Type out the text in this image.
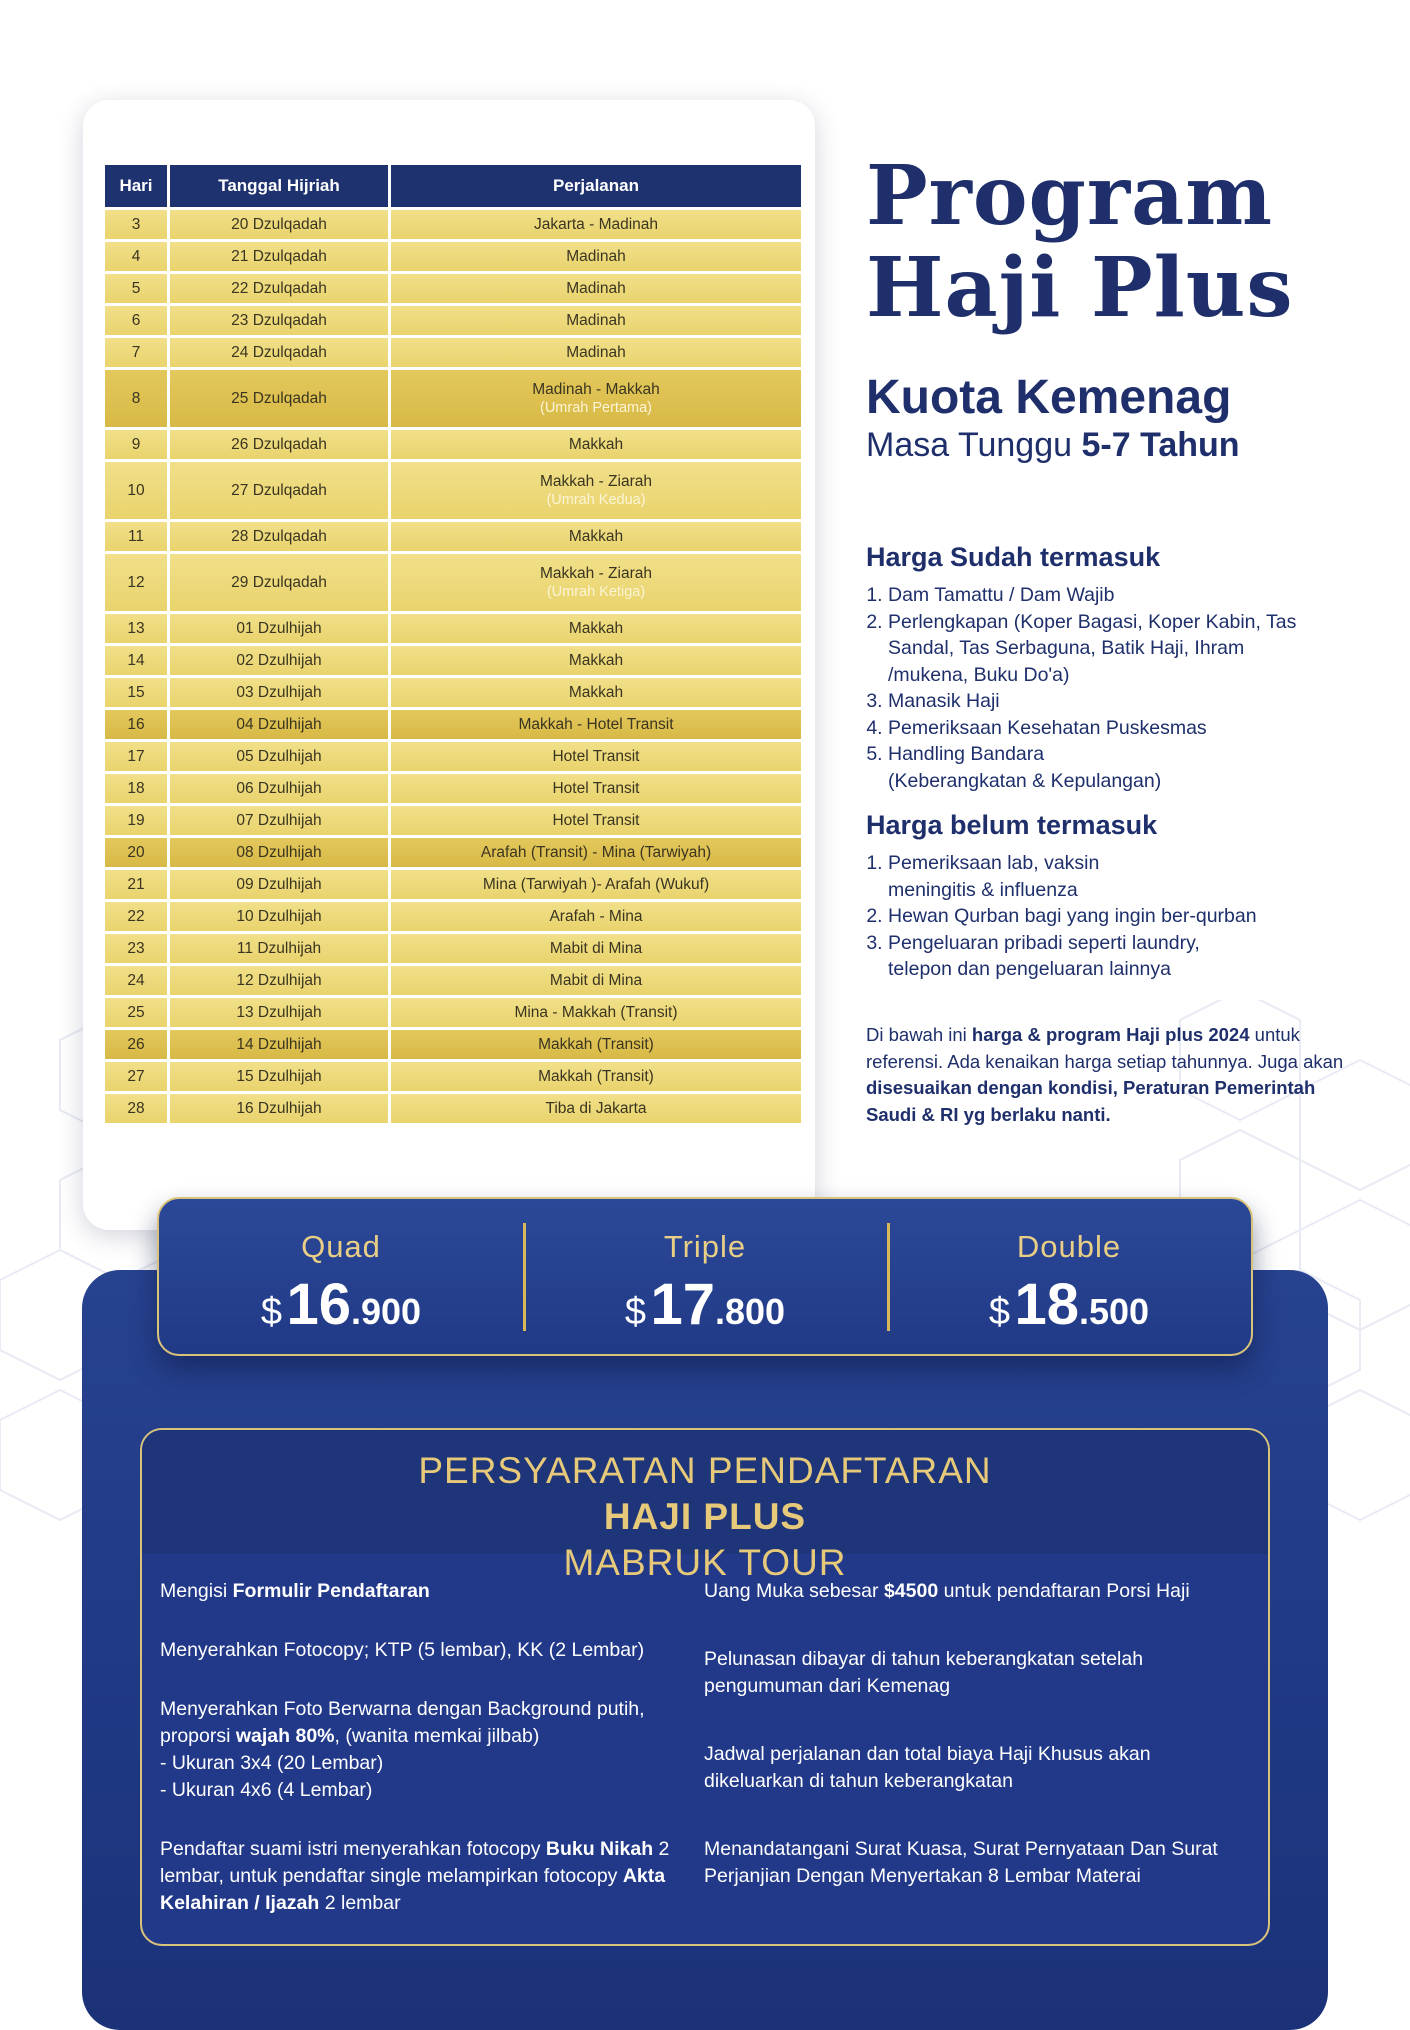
Hari	Tanggal Hijriah	Perjalanan
3	20 Dzulqadah	Jakarta - Madinah
4	21 Dzulqadah	Madinah
5	22 Dzulqadah	Madinah
6	23 Dzulqadah	Madinah
7	24 Dzulqadah	Madinah
8	25 Dzulqadah	Madinah - Makkah
(Umrah Pertama)

9	26 Dzulqadah	Makkah
10	27 Dzulqadah	Makkah - Ziarah
(Umrah Kedua)

11	28 Dzulqadah	Makkah
12	29 Dzulqadah	Makkah - Ziarah
(Umrah Ketiga)

13	01 Dzulhijah	Makkah
14	02 Dzulhijah	Makkah
15	03 Dzulhijah	Makkah
16	04 Dzulhijah	Makkah - Hotel Transit
17	05 Dzulhijah	Hotel Transit
18	06 Dzulhijah	Hotel Transit
19	07 Dzulhijah	Hotel Transit
20	08 Dzulhijah	Arafah (Transit) - Mina (Tarwiyah)
21	09 Dzulhijah	Mina (Tarwiyah )- Arafah (Wukuf)
22	10 Dzulhijah	Arafah - Mina
23	11 Dzulhijah	Mabit di Mina
24	12 Dzulhijah	Mabit di Mina
25	13 Dzulhijah	Mina - Makkah (Transit)
26	14 Dzulhijah	Makkah (Transit)
27	15 Dzulhijah	Makkah (Transit)
28	16 Dzulhijah	Tiba di Jakarta
Program
Haji Plus

Kuota Kemenag

Masa Tunggu 5-7 Tahun

Harga Sudah termasuk

1. Dam Tamattu / Dam Wajib
2. Perlengkapan (Koper Bagasi, Koper Kabin, Tas Sandal, Tas Serbaguna, Batik Haji, Ihram /mukena, Buku Do'a)
3. Manasik Haji
4. Pemeriksaan Kesehatan Puskesmas
5. Handling Bandara (Keberangkatan & Kepulangan)

Harga belum termasuk

1. Pemeriksaan lab, vaksin meningitis & influenza
2. Hewan Qurban bagi yang ingin ber-qurban
3. Pengeluaran pribadi seperti laundry, telepon dan pengeluaran lainnya

Di bawah ini harga & program Haji plus 2024 untuk referensi. Ada kenaikan harga setiap tahunnya. Juga akan disesuaikan dengan kondisi, Peraturan Pemerintah Saudi & RI yg berlaku nanti.

Quad
$ 16.900
Triple
$ 17.800
Double
$ 18.500
PERSYARATAN PENDAFTARAN
HAJI PLUS
MABRUK TOUR
Mengisi Formulir Pendaftaran
Menyerahkan Fotocopy; KTP (5 lembar), KK (2 Lembar)
Menyerahkan Foto Berwarna dengan Background putih, proporsi wajah 80%, (wanita memkai jilbab)
- Ukuran 3x4 (20 Lembar)
- Ukuran 4x6 (4 Lembar)
Pendaftar suami istri menyerahkan fotocopy Buku Nikah 2 lembar, untuk pendaftar single melampirkan fotocopy Akta Kelahiran / Ijazah 2 lembar
Uang Muka sebesar $4500 untuk pendaftaran Porsi Haji
Pelunasan dibayar di tahun keberangkatan setelah pengumuman dari Kemenag
Jadwal perjalanan dan total biaya Haji Khusus akan dikeluarkan di tahun keberangkatan
Menandatangani Surat Kuasa, Surat Pernyataan Dan Surat Perjanjian Dengan Menyertakan 8 Lembar Materai
